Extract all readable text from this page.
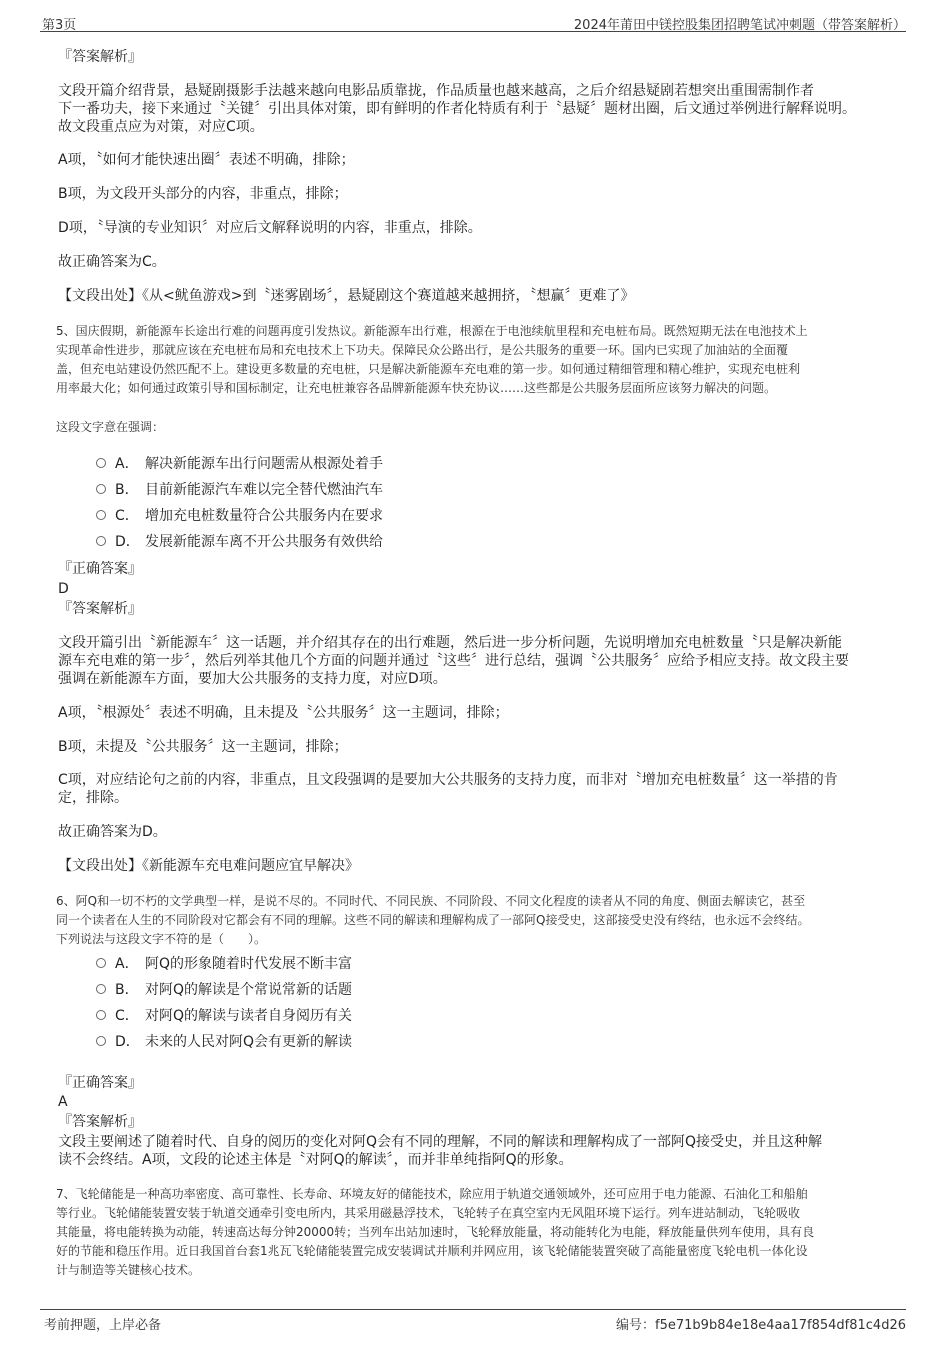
第3页	2024年莆田中镁控股集团招聘笔试冲刺题（带答案解析）
『答案解析』
文段开篇介绍背景，悬疑剧摄影手法越来越向电影品质靠拢，作品质量也越来越高，之后介绍悬疑剧若想突出重围需制作者
下一番功夫，接下来通过〝关键〞引出具体对策，即有鲜明的作者化特质有利于〝悬疑〞题材出圈，后文通过举例进行解释说明。
故文段重点应为对策，对应C项。
A项，〝如何才能快速出圈〞表述不明确，排除；
B项，为文段开头部分的内容，非重点，排除；
D项，〝导演的专业知识〞对应后文解释说明的内容，非重点，排除。
故正确答案为C。
【文段出处】《从<鱿鱼游戏>到〝迷雾剧场〞，悬疑剧这个赛道越来越拥挤，〝想赢〞更难了》
5、国庆假期，新能源车长途出行难的问题再度引发热议。新能源车出行难，根源在于电池续航里程和充电桩布局。既然短期无法在电池技术上
实现革命性进步，那就应该在充电桩布局和充电技术上下功夫。保障民众公路出行，是公共服务的重要一环。国内已实现了加油站的全面覆
盖，但充电站建设仍然匹配不上。建设更多数量的充电桩，只是解决新能源车充电难的第一步。如何通过精细管理和精心维护，实现充电桩利
用率最大化；如何通过政策引导和国标制定，让充电桩兼容各品牌新能源车快充协议……这些都是公共服务层面所应该努力解决的问题。
这段文字意在强调：
A． 解决新能源车出行问题需从根源处着手
B． 目前新能源汽车难以完全替代燃油汽车
C． 增加充电桩数量符合公共服务内在要求
D． 发展新能源车离不开公共服务有效供给
『正确答案』
D
『答案解析』
文段开篇引出〝新能源车〞这一话题，并介绍其存在的出行难题，然后进一步分析问题，先说明增加充电桩数量〝只是解决新能
源车充电难的第一步〞，然后列举其他几个方面的问题并通过〝这些〞进行总结，强调〝公共服务〞应给予相应支持。故文段主要
强调在新能源车方面，要加大公共服务的支持力度，对应D项。
A项，〝根源处〞表述不明确，且未提及〝公共服务〞这一主题词，排除；
B项，未提及〝公共服务〞这一主题词，排除；
C项，对应结论句之前的内容，非重点，且文段强调的是要加大公共服务的支持力度，而非对〝增加充电桩数量〞这一举措的肯
定，排除。
故正确答案为D。
【文段出处】《新能源车充电难问题应宜早解决》
6、阿Q和一切不朽的文学典型一样，是说不尽的。不同时代、不同民族、不同阶段、不同文化程度的读者从不同的角度、侧面去解读它，甚至
同一个读者在人生的不同阶段对它都会有不同的理解。这些不同的解读和理解构成了一部阿Q接受史，这部接受史没有终结，也永远不会终结。
下列说法与这段文字不符的是（　　）。
A． 阿Q的形象随着时代发展不断丰富
B． 对阿Q的解读是个常说常新的话题
C． 对阿Q的解读与读者自身阅历有关
D． 未来的人民对阿Q会有更新的解读
『正确答案』
A
『答案解析』
文段主要阐述了随着时代、自身的阅历的变化对阿Q会有不同的理解，不同的解读和理解构成了一部阿Q接受史，并且这种解
读不会终结。A项，文段的论述主体是〝对阿Q的解读〞，而并非单纯指阿Q的形象。
7、飞轮储能是一种高功率密度、高可靠性、长寿命、环境友好的储能技术，除应用于轨道交通领域外，还可应用于电力能源、石油化工和船舶
等行业。飞轮储能装置安装于轨道交通牵引变电所内，其采用磁悬浮技术，飞轮转子在真空室内无风阻环境下运行。列车进站制动，飞轮吸收
其能量，将电能转换为动能，转速高达每分钟20000转；当列车出站加速时，飞轮释放能量，将动能转化为电能，释放能量供列车使用，具有良
好的节能和稳压作用。近日我国首台套1兆瓦飞轮储能装置完成安装调试并顺利并网应用，该飞轮储能装置突破了高能量密度飞轮电机一体化设
计与制造等关键核心技术。
考前押题，上岸必备	编号：f5e71b9b84e18e4aa17f854df81c4d26
